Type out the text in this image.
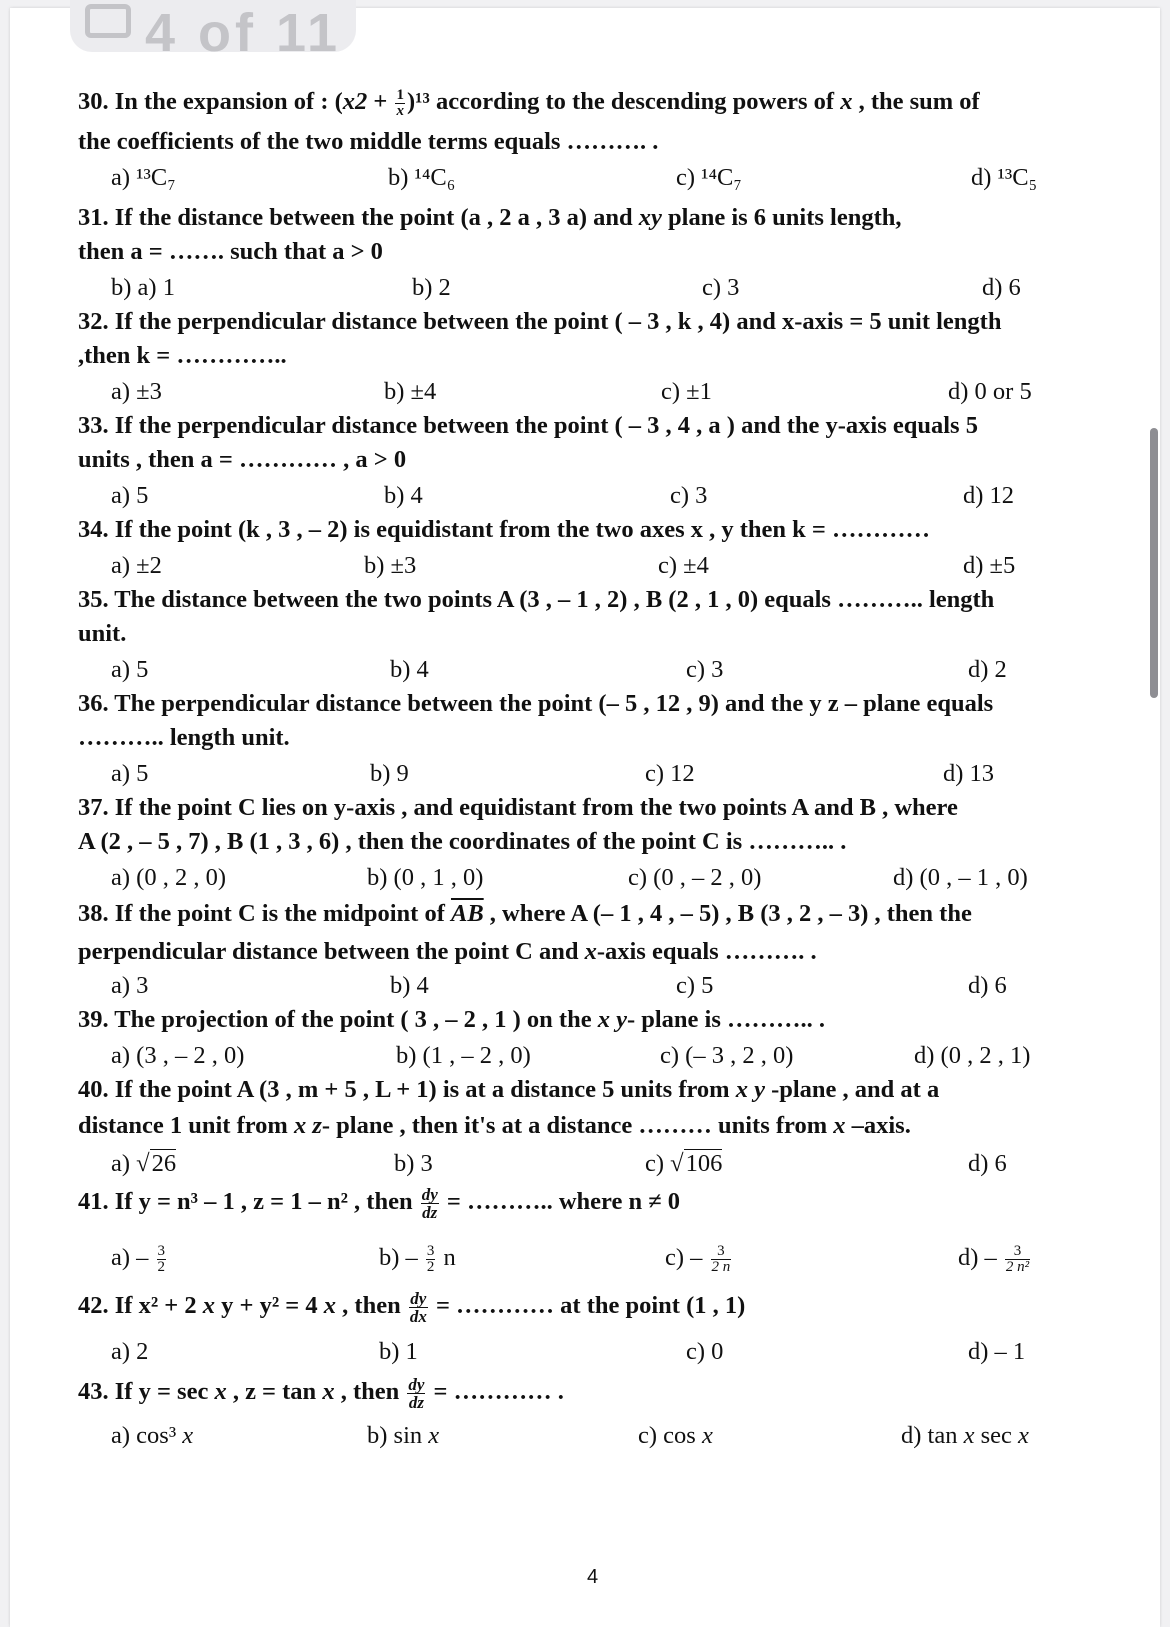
4 of 11
30. In the expansion of : $(x2 + \frac{1}{x} )^{13}$ according to the descending powers of x , the sum of
the coefficients of the two middle terms equals ………. .
a) ¹³C₇	b) ¹⁴C₆	c) ¹⁴C₇	d) ¹³C₅
31. If the distance between the point (a , 2 a , 3 a) and xy plane is 6 units length,
then a = ……. such that a > 0
b) a) 1	b) 2	c) 3	d) 6
32. If the perpendicular distance between the point ( – 3 , k , 4) and x-axis = 5 unit length
,then k = …………..
a) ±3	b) ±4	c) ±1	d) 0 or 5
33. If the perpendicular distance between the point ( – 3 , 4 , a ) and the y-axis equals 5
units , then a = ………… , a > 0
a) 5	b) 4	c) 3	d) 12
34. If the point (k , 3 , – 2) is equidistant from the two axes x , y then k = …………
a) ±2	b) ±3	c) ±4	d) ±5
35. The distance between the two points A (3 , – 1 , 2) , B (2 , 1 , 0) equals ……….. length
unit.
a) 5	b) 4	c) 3	d) 2
36. The perpendicular distance between the point (– 5 , 12 , 9) and the y z – plane equals
……….. length unit.
a) 5	b) 9	c) 12	d) 13
37. If the point C lies on y-axis , and equidistant from the two points A and B , where
A (2 , – 5 , 7) , B (1 , 3 , 6) , then the coordinates of the point C is ……….. .
a) (0 , 2 , 0)	b) (0 , 1 , 0)	c) (0 , – 2 , 0)	d) (0 , – 1 , 0)
38. If the point C is the midpoint of $\overline{AB}$ , where A (– 1 , 4 , – 5) , B (3 , 2 , – 3) , then the
perpendicular distance between the point C and x-axis equals ………. .
a) 3	b) 4	c) 5	d) 6
39. The projection of the point ( 3 , – 2 , 1 ) on the x y- plane is ……….. .
a) (3 , – 2 , 0)	b) (1 , – 2 , 0)	c) (– 3 , 2 , 0)	d) (0 , 2 , 1)
40. If the point A (3 , m + 5 , L + 1) is at a distance 5 units from x y -plane , and at a
distance 1 unit from x z- plane , then it's at a distance ……… units from x –axis.
a) √26	b) 3	c) √106	d) 6
41. If y = n³ – 1 , z = 1 – n² , then $\frac{dy}{dz}$ = ……….. where n ≠ 0
$a) - \frac{3}{2}$	$b) - \frac{3}{2}$ n	$c) - \frac{3}{2 n}$	$d) - \frac{3}{\text{2 n²}}$
42. If x² + 2 x y + y² = 4 x , then $\frac{dy}{dx}$ = ………… at the point (1 , 1)
a) 2	b) 1	c) 0	d) – 1
43. If y = sec x , z = tan x , then $\frac{dy}{dz}$ = ………… .
a) cos³ x	b) sin x	c) cos x	d) tan x sec x
4
